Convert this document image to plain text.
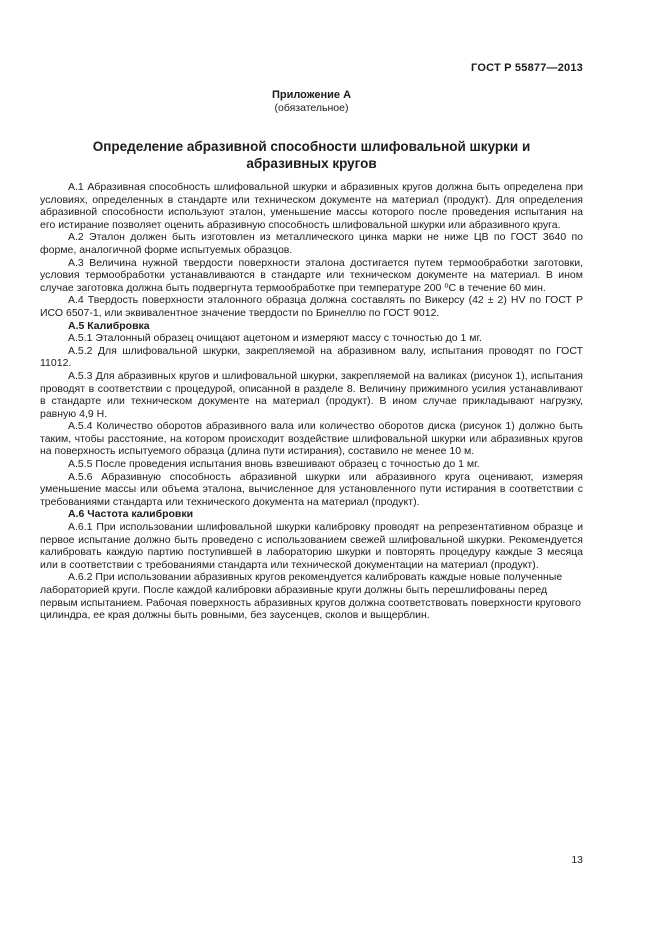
ГОСТ Р 55877—2013
Приложение А
(обязательное)
Определение абразивной способности шлифовальной шкурки и абразивных кругов

А.1 Абразивная способность шлифовальной шкурки и абразивных кругов должна быть определена при условиях, определенных в стандарте или техническом документе на материал (продукт). Для определения абразивной способности используют эталон, уменьшение массы которого после проведения испытания на его истирание позволяет оценить абразивную способность шлифовальной шкурки или абразивного круга.

А.2 Эталон должен быть изготовлен из металлического цинка марки не ниже ЦВ по ГОСТ 3640 по форме, аналогичной форме испытуемых образцов.

А.3 Величина нужной твердости поверхности эталона достигается путем термообработки заготовки, условия термообработки устанавливаются в стандарте или техническом документе на материал. В ином случае заготовка должна быть подвергнута термообработке при температуре 200 ⁰С в течение 60 мин.

А.4 Твердость поверхности эталонного образца должна составлять по Викерсу (42 ± 2) HV по ГОСТ Р ИСО 6507-1, или эквивалентное значение твердости по Бринеллю по ГОСТ 9012.

А.5 Калибровка

А.5.1 Эталонный образец очищают ацетоном и измеряют массу с точностью до 1 мг.

А.5.2 Для шлифовальной шкурки, закрепляемой на абразивном валу, испытания проводят по ГОСТ 11012.

А.5.3 Для абразивных кругов и шлифовальной шкурки, закрепляемой на валиках (рисунок 1), испытания проводят в соответствии с процедурой, описанной в разделе 8. Величину прижимного усилия устанавливают в стандарте или техническом документе на материал (продукт). В ином случае прикладывают нагрузку, равную 4,9 Н.

А.5.4 Количество оборотов абразивного вала или количество оборотов диска (рисунок 1) должно быть таким, чтобы расстояние, на котором происходит воздействие шлифовальной шкурки или абразивных кругов на поверхность испытуемого образца (длина пути истирания), составило не менее 10 м.

А.5.5 После проведения испытания вновь взвешивают образец с точностью до 1 мг.

А.5.6 Абразивную способность абразивной шкурки или абразивного круга оценивают, измеряя уменьшение массы или объема эталона, вычисленное для установленного пути истирания в соответствии с требованиями стандарта или технического документа на материал (продукт).

А.6 Частота калибровки

А.6.1 При использовании шлифовальной шкурки калибровку проводят на репрезентативном образце и первое испытание должно быть проведено с использованием свежей шлифовальной шкурки. Рекомендуется калибровать каждую партию поступившей в лабораторию шкурки и повторять процедуру каждые 3 месяца или в соответствии с требованиями стандарта или технической документации на материал (продукт).

А.6.2 При использовании абразивных кругов рекомендуется калибровать каждые новые полученные лабораторией круги. После каждой калибровки абразивные круги должны быть перешлифованы перед первым испытанием. Рабочая поверхность абразивных кругов должна соответствовать поверхности кругового цилиндра, ее края должны быть ровными, без заусенцев, сколов и выщерблин.

13
